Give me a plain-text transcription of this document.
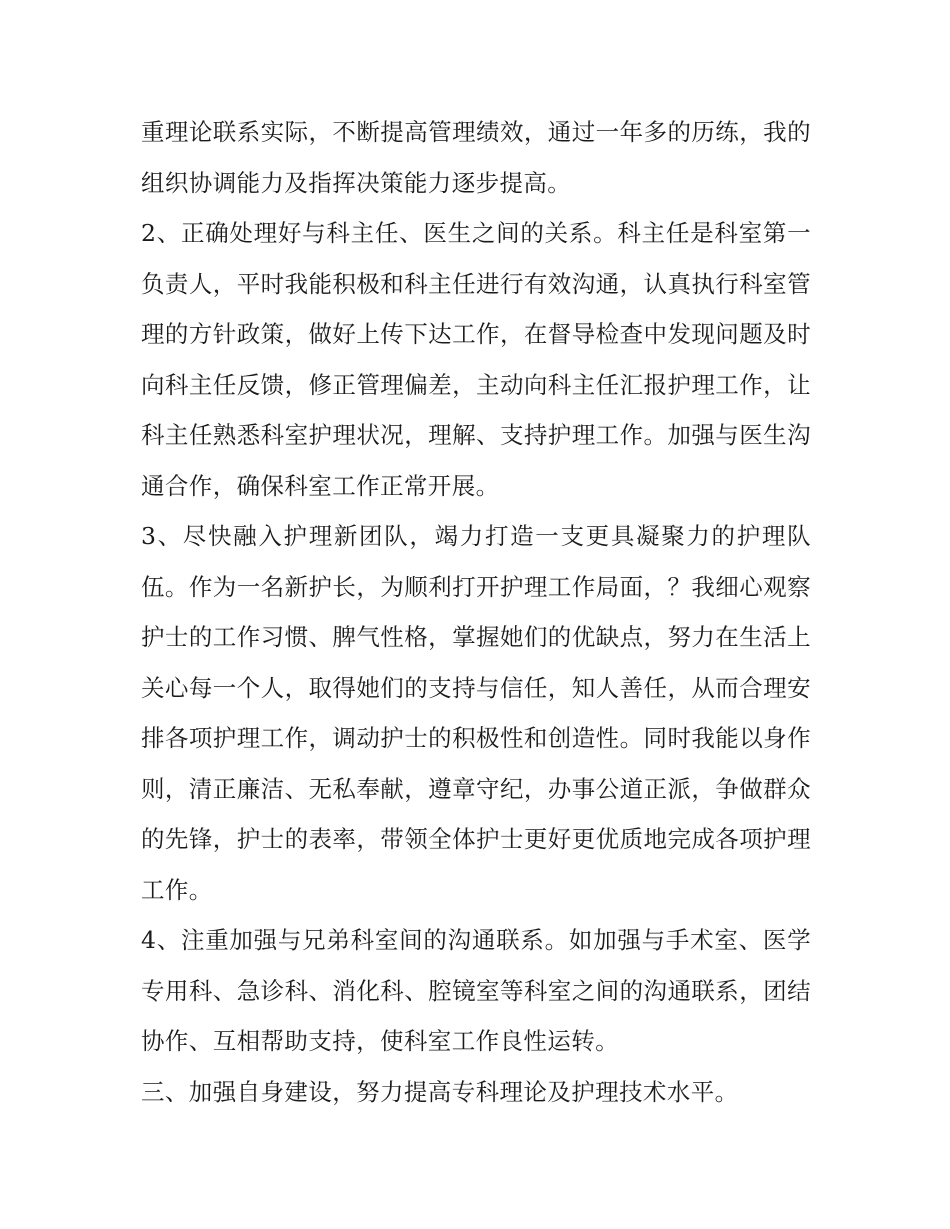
重理论联系实际，不断提高管理绩效，通过一年多的历练，我的组织协调能力及指挥决策能力逐步提高。

2、正确处理好与科主任、医生之间的关系。科主任是科室第一负责人，平时我能积极和科主任进行有效沟通，认真执行科室管理的方针政策，做好上传下达工作，在督导检查中发现问题及时向科主任反馈，修正管理偏差，主动向科主任汇报护理工作，让科主任熟悉科室护理状况，理解、支持护理工作。加强与医生沟通合作，确保科室工作正常开展。

3、尽快融入护理新团队，竭力打造一支更具凝聚力的护理队伍。作为一名新护长，为顺利打开护理工作局面，？我细心观察护士的工作习惯、脾气性格，掌握她们的优缺点，努力在生活上关心每一个人，取得她们的支持与信任，知人善任，从而合理安排各项护理工作，调动护士的积极性和创造性。同时我能以身作则，清正廉洁、无私奉献，遵章守纪，办事公道正派，争做群众的先锋，护士的表率，带领全体护士更好更优质地完成各项护理工作。

4、注重加强与兄弟科室间的沟通联系。如加强与手术室、医学专用科、急诊科、消化科、腔镜室等科室之间的沟通联系，团结协作、互相帮助支持，使科室工作良性运转。

三、加强自身建设，努力提高专科理论及护理技术水平。
